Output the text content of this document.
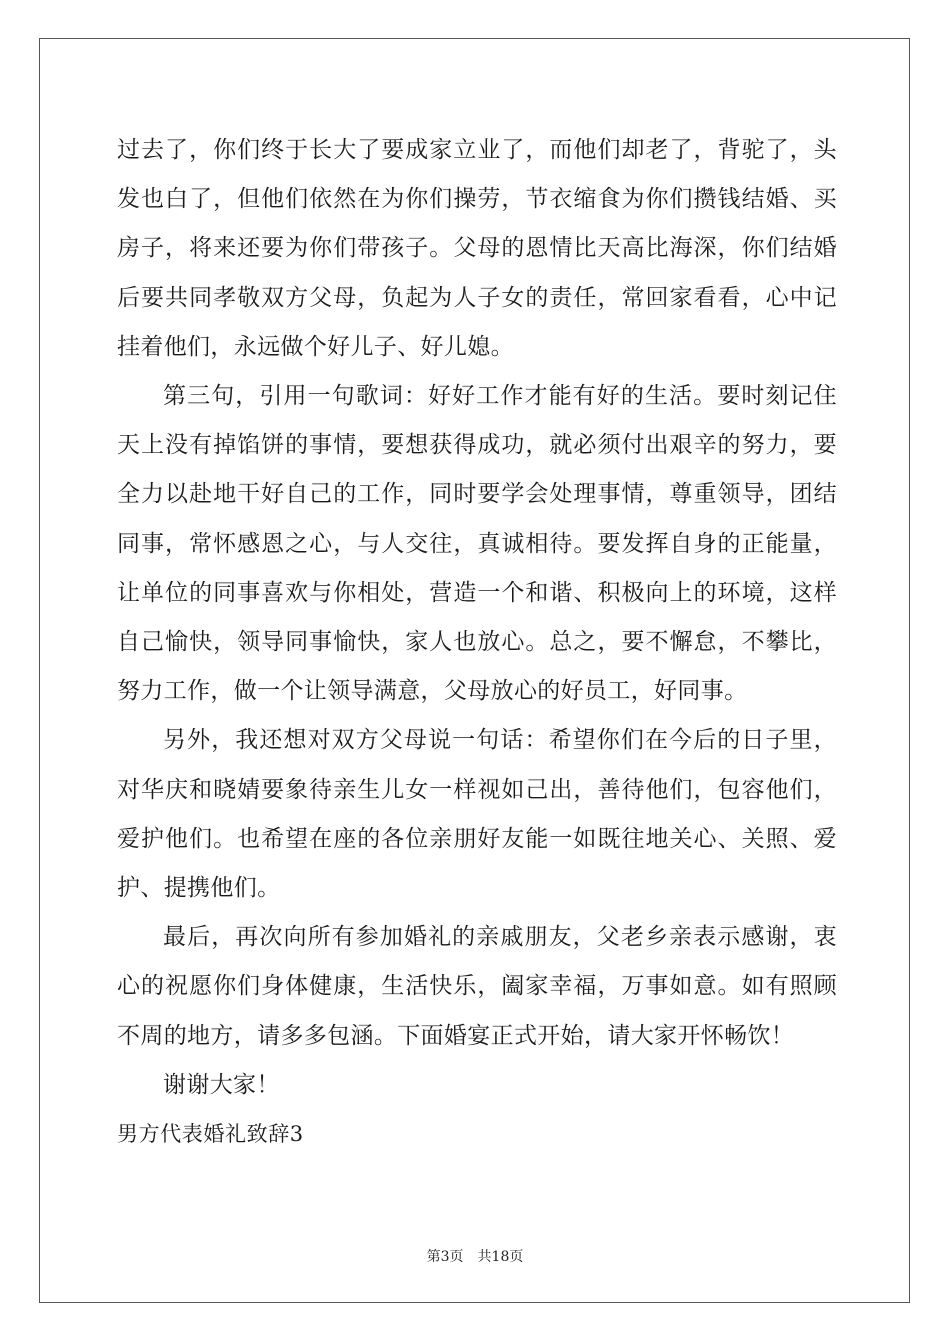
过去了，你们终于长大了要成家立业了，而他们却老了，背驼了，头发也白了，但他们依然在为你们操劳，节衣缩食为你们攒钱结婚、买房子，将来还要为你们带孩子。父母的恩情比天高比海深，你们结婚后要共同孝敬双方父母，负起为人子女的责任，常回家看看，心中记挂着他们，永远做个好儿子、好儿媳。

第三句，引用一句歌词：好好工作才能有好的生活。要时刻记住天上没有掉馅饼的事情，要想获得成功，就必须付出艰辛的努力，要全力以赴地干好自己的工作，同时要学会处理事情，尊重领导，团结同事，常怀感恩之心，与人交往，真诚相待。要发挥自身的正能量，让单位的同事喜欢与你相处，营造一个和谐、积极向上的环境，这样自己愉快，领导同事愉快，家人也放心。总之，要不懈怠，不攀比，努力工作，做一个让领导满意，父母放心的好员工，好同事。

另外，我还想对双方父母说一句话：希望你们在今后的日子里，对华庆和晓婧要象待亲生儿女一样视如己出，善待他们，包容他们，爱护他们。也希望在座的各位亲朋好友能一如既往地关心、关照、爱护、提携他们。

最后，再次向所有参加婚礼的亲戚朋友，父老乡亲表示感谢，衷心的祝愿你们身体健康，生活快乐，阖家幸福，万事如意。如有照顾不周的地方，请多多包涵。下面婚宴正式开始，请大家开怀畅饮！

谢谢大家！

男方代表婚礼致辞3

第3页 共18页
